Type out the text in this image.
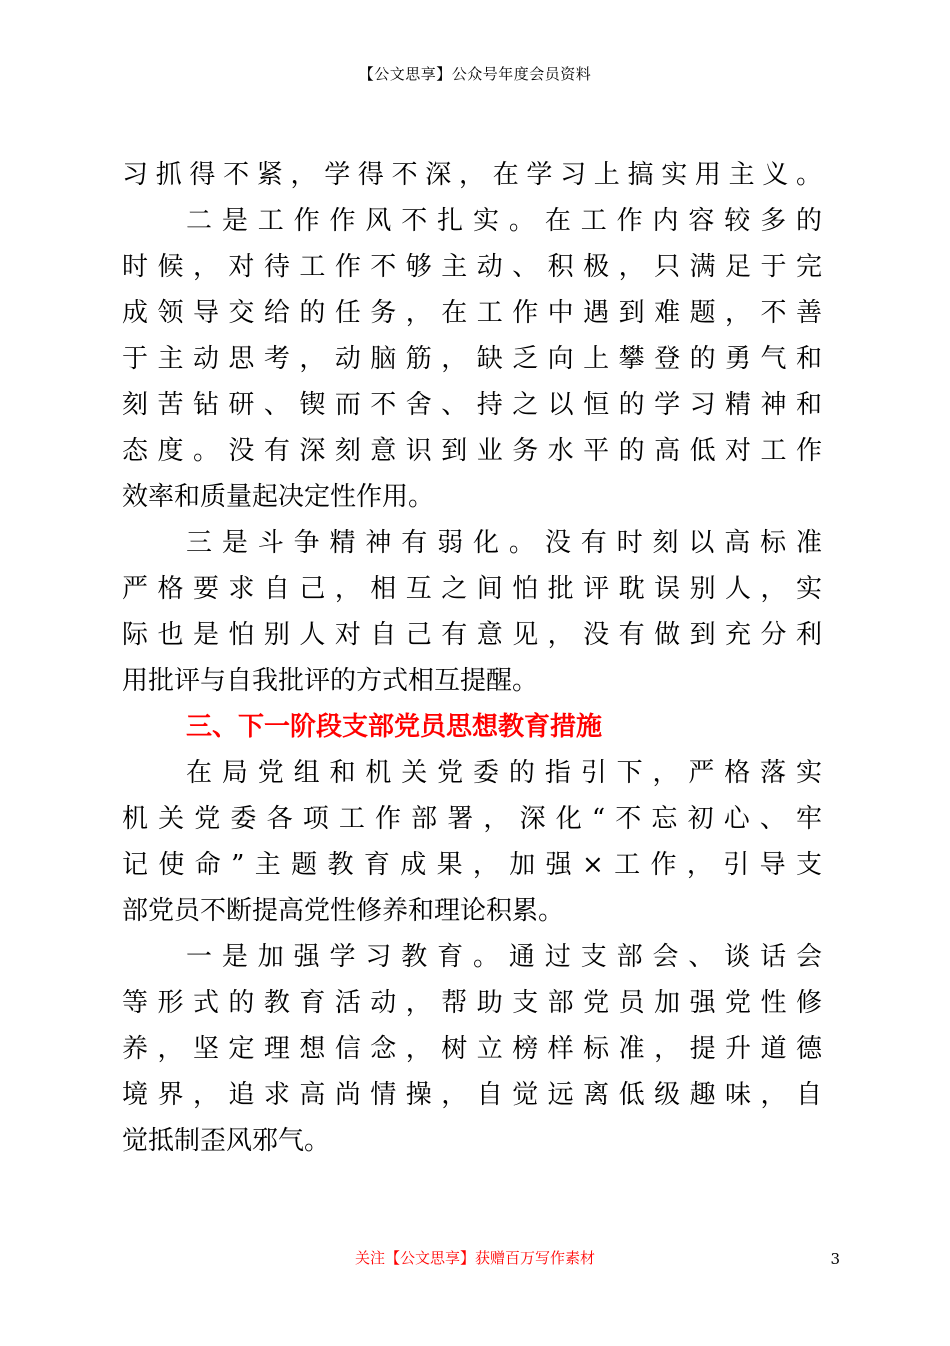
【公文思享】公众号年度会员资料
习抓得不紧，学得不深，在学习上搞实用主义。
二是工作作风不扎实。在工作内容较多的
时候，对待工作不够主动、积极，只满足于完
成领导交给的任务，在工作中遇到难题，不善
于主动思考，动脑筋，缺乏向上攀登的勇气和
刻苦钻研、锲而不舍、持之以恒的学习精神和
态度。没有深刻意识到业务水平的高低对工作
效率和质量起决定性作用。
三是斗争精神有弱化。没有时刻以高标准
严格要求自己，相互之间怕批评耽误别人，实
际也是怕别人对自己有意见，没有做到充分利
用批评与自我批评的方式相互提醒。
三、下一阶段支部党员思想教育措施
在局党组和机关党委的指引下，严格落实
机关党委各项工作部署，深化“不忘初心、牢
记使命”主题教育成果，加强×工作，引导支
部党员不断提高党性修养和理论积累。
一是加强学习教育。通过支部会、谈话会
等形式的教育活动，帮助支部党员加强党性修
养，坚定理想信念，树立榜样标准，提升道德
境界，追求高尚情操，自觉远离低级趣味，自
觉抵制歪风邪气。
关注【公文思享】获赠百万写作素材	3
